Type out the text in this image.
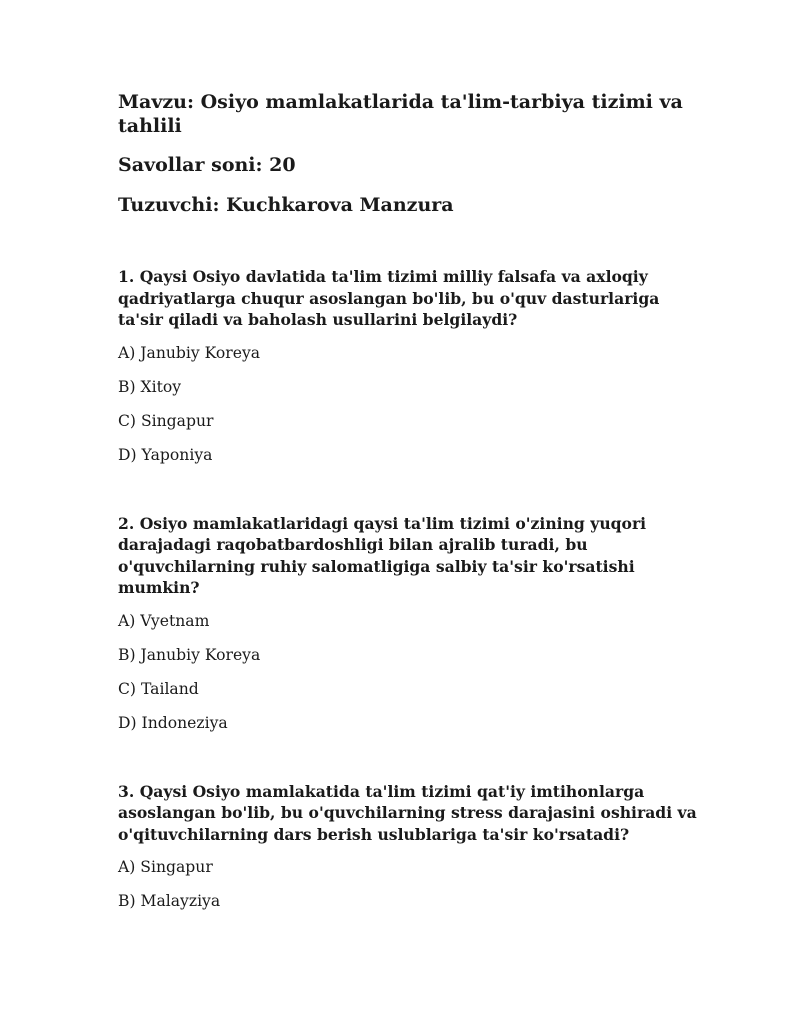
Mavzu: Osiyo mamlakatlarida ta'lim-tarbiya tizimi va tahlili
Savollar soni: 20
Tuzuvchi: Kuchkarova Manzura
1. Qaysi Osiyo davlatida ta'lim tizimi milliy falsafa va axloqiy qadriyatlarga chuqur asoslangan bo'lib, bu o'quv dasturlariga ta'sir qiladi va baholash usullarini belgilaydi?
A) Janubiy Koreya
B) Xitoy
C) Singapur
D) Yaponiya
2. Osiyo mamlakatlaridagi qaysi ta'lim tizimi o'zining yuqori darajadagi raqobatbardoshligi bilan ajralib turadi, bu o'quvchilarning ruhiy salomatligiga salbiy ta'sir ko'rsatishi mumkin?
A) Vyetnam
B) Janubiy Koreya
C) Tailand
D) Indoneziya
3. Qaysi Osiyo mamlakatida ta'lim tizimi qat'iy imtihonlarga asoslangan bo'lib, bu o'quvchilarning stress darajasini oshiradi va o'qituvchilarning dars berish uslublariga ta'sir ko'rsatadi?
A) Singapur
B) Malayziya
